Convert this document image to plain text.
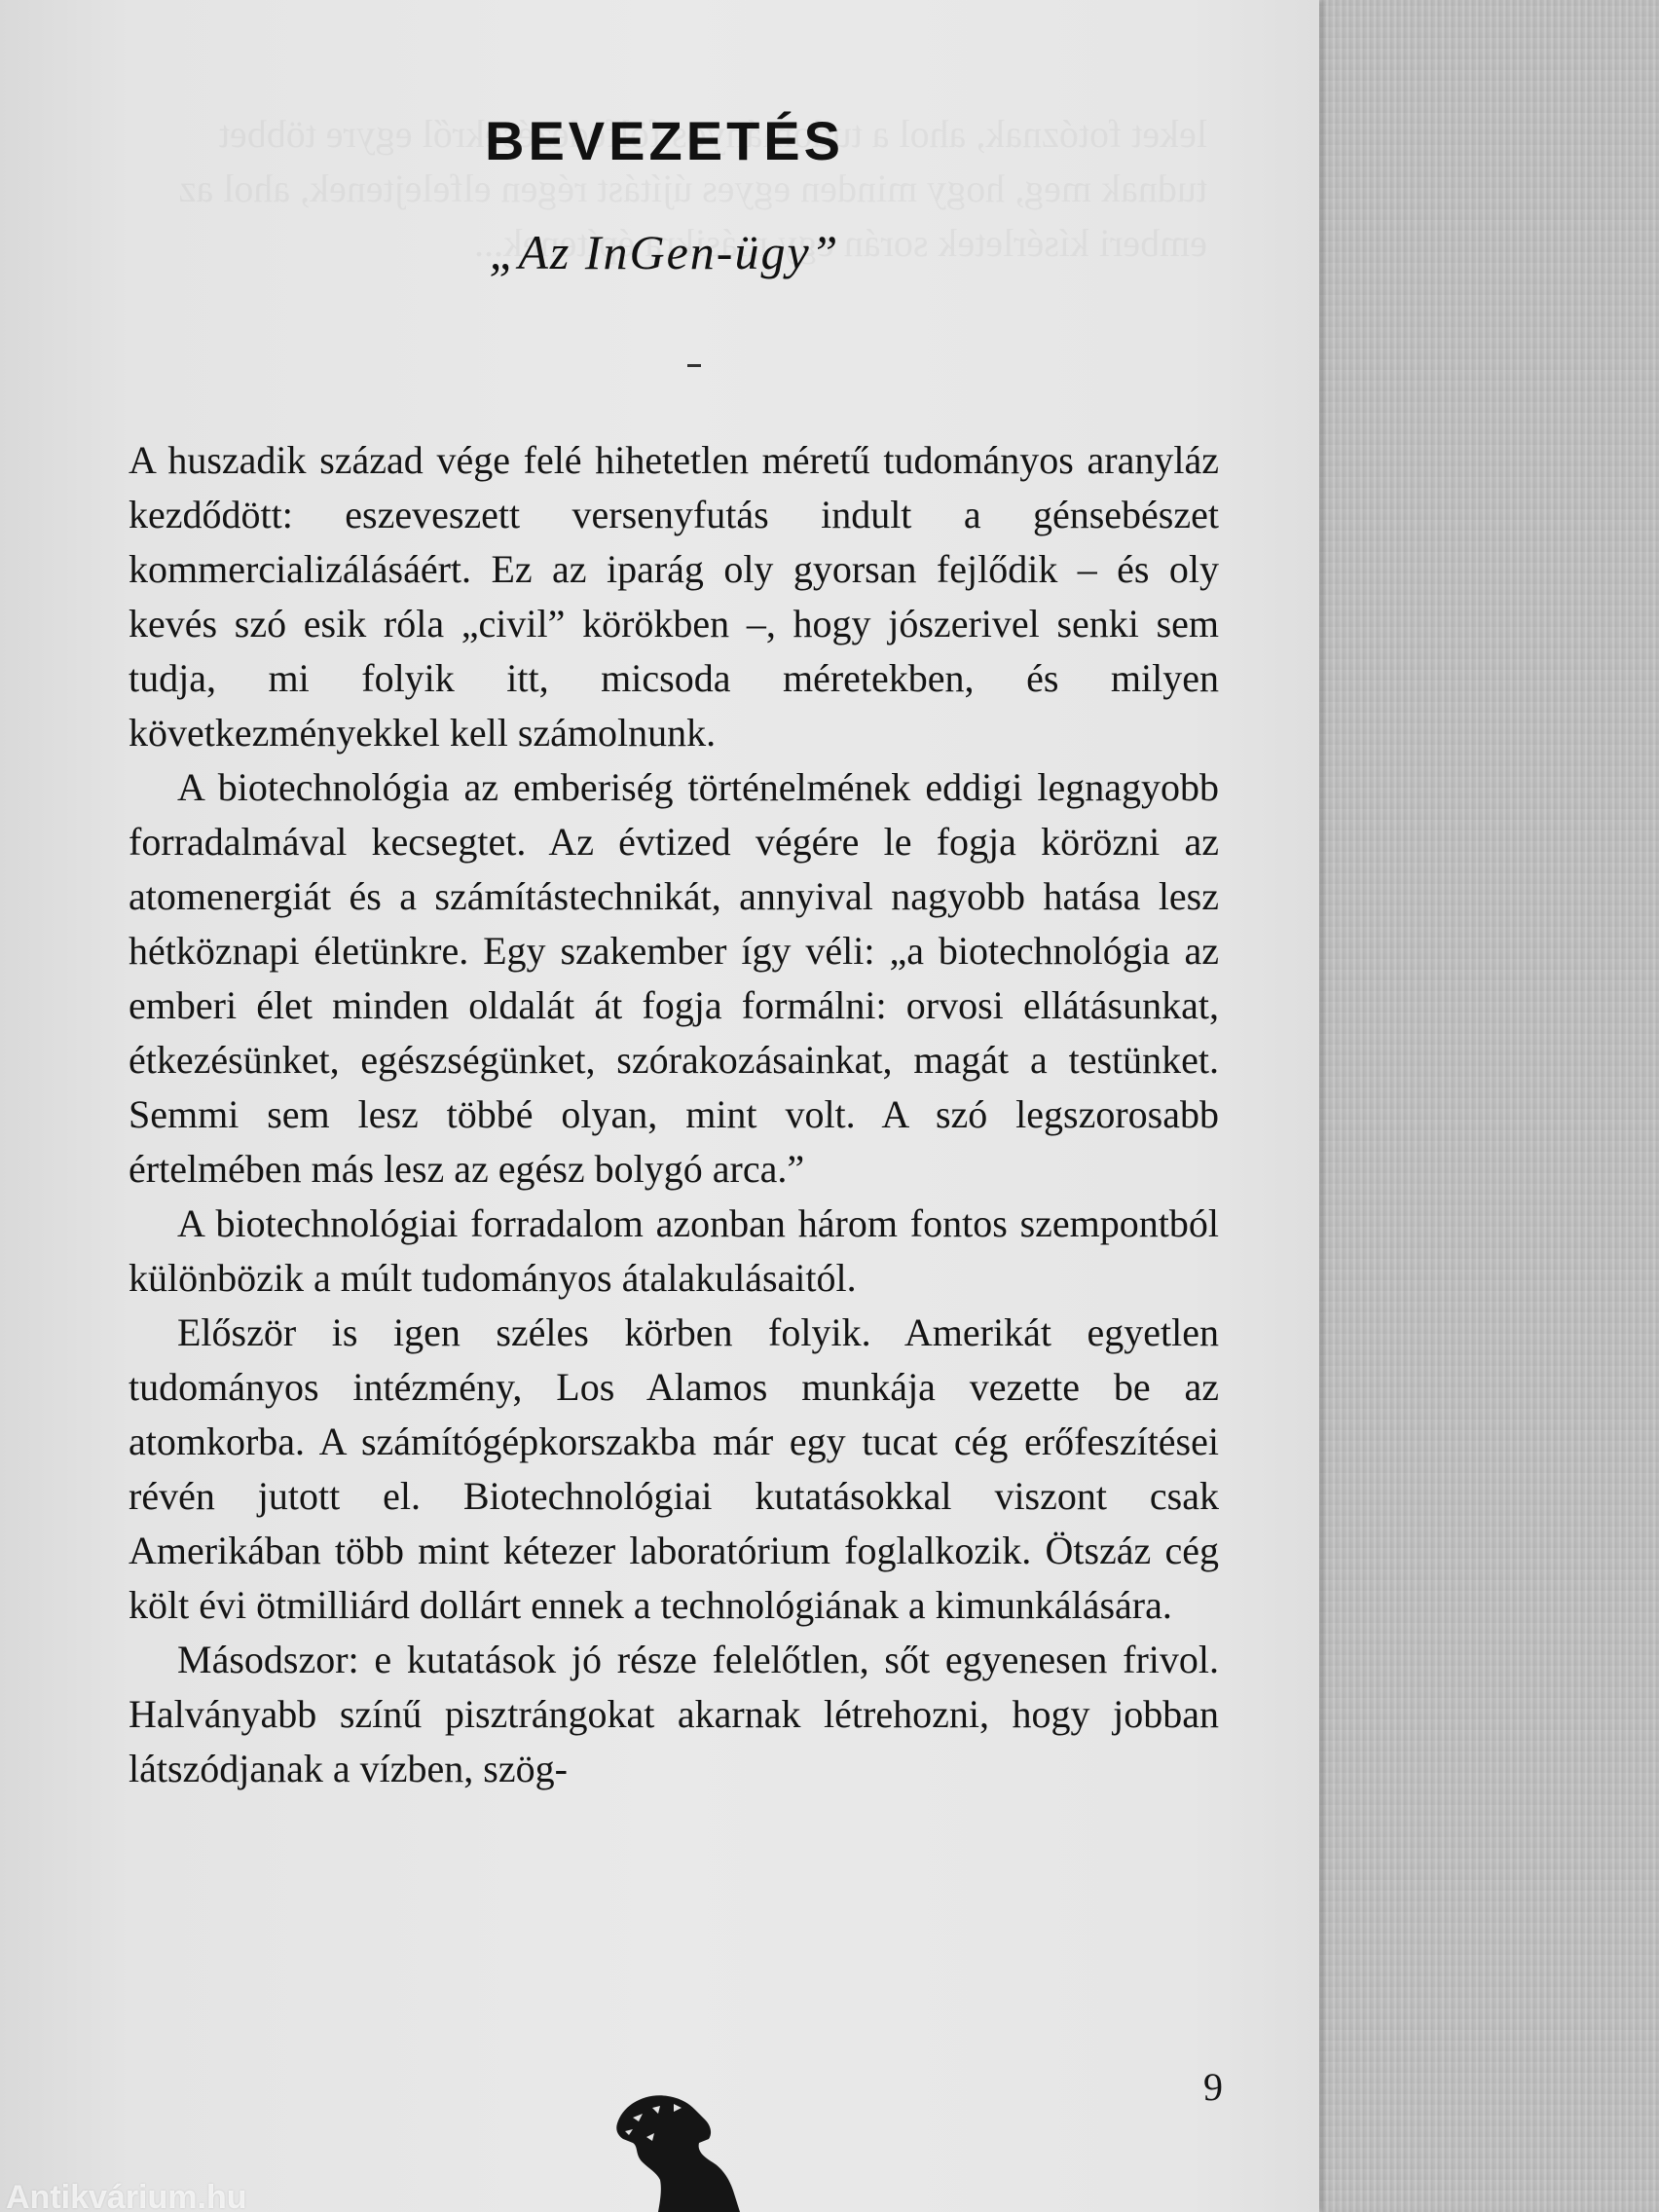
BEVEZETÉS
„Az InGen-ügy”

A huszadik század vége felé hihetetlen méretű tudományos aranyláz kezdődött: eszeveszett versenyfutás indult a génsebészet kommercializálásáért. Ez az iparág oly gyorsan fejlődik – és oly kevés szó esik róla „civil” körökben –, hogy jószerivel senki sem tudja, mi folyik itt, micsoda méretekben, és milyen következményekkel kell számolnunk.

A biotechnológia az emberiség történelmének eddigi legnagyobb forradalmával kecsegtet. Az évtized végére le fogja körözni az atomenergiát és a számítástechnikát, annyival nagyobb hatása lesz hétköznapi életünkre. Egy szakember így véli: „a biotechnológia az emberi élet minden oldalát át fogja formálni: orvosi ellátásunkat, étkezésünket, egészségünket, szórakozásainkat, magát a testünket. Semmi sem lesz többé olyan, mint volt. A szó legszorosabb értelmében más lesz az egész bolygó arca.”

A biotechnológiai forradalom azonban három fontos szempontból különbözik a múlt tudományos átalakulásaitól.

Először is igen széles körben folyik. Amerikát egyetlen tudományos intézmény, Los Alamos munkája vezette be az atomkorba. A számítógépkorszakba már egy tucat cég erőfeszítései révén jutott el. Biotechnológiai kutatásokkal viszont csak Amerikában több mint kétezer laboratórium foglalkozik. Ötszáz cég költ évi ötmilliárd dollárt ennek a technológiának a kimunkálására.

Másodszor: e kutatások jó része felelőtlen, sőt egyenesen frivol. Halványabb színű pisztrángokat akarnak létrehozni, hogy jobban látszódjanak a vízben, szög-

9
Antikvárium.hu
